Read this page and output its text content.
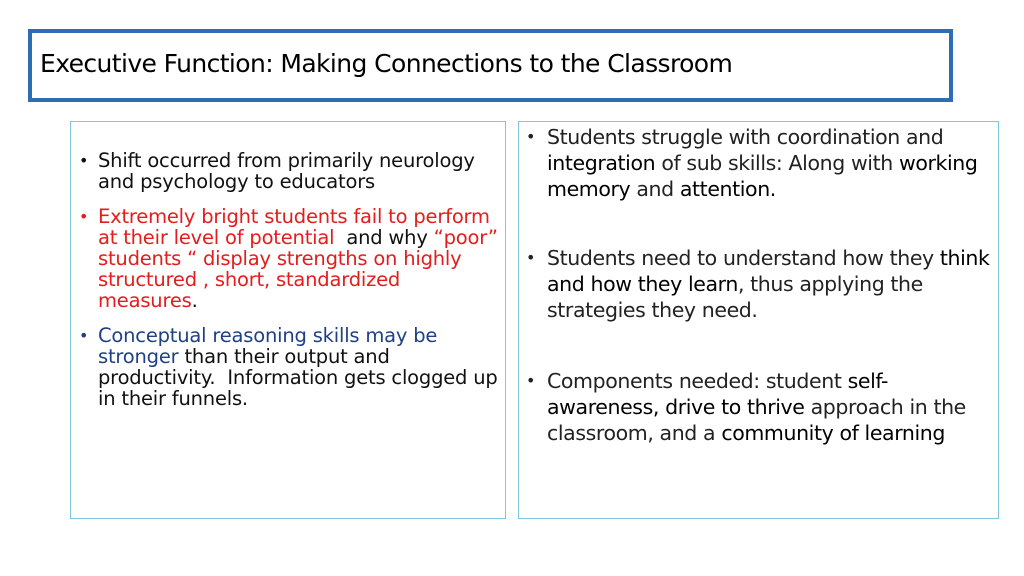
Executive Function: Making Connections to the Classroom
• Shift occurred from primarily neurology and psychology to educators
• Extremely bright students fail to perform at their level of potential  and why “poor” students “ display strengths on highly structured , short, standardized measures.
• Conceptual reasoning skills may be stronger than their output and productivity.  Information gets clogged up in their funnels.
• Students struggle with coordination and integration of sub skills: Along with working memory and attention.
• Students need to understand how they think and how they learn, thus applying the strategies they need.
• Components needed: student self-awareness, drive to thrive approach in the classroom, and a community of learning
